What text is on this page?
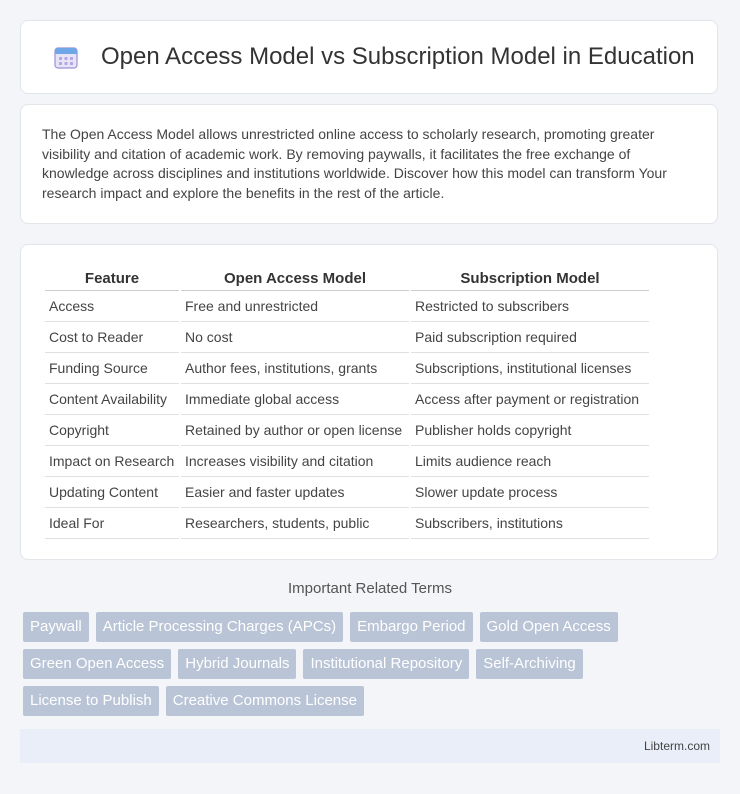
Open Access Model vs Subscription Model in Education

The Open Access Model allows unrestricted online access to scholarly research, promoting greater visibility and citation of academic work. By removing paywalls, it facilitates the free exchange of knowledge across disciplines and institutions worldwide. Discover how this model can transform Your research impact and explore the benefits in the rest of the article.

Feature	Open Access Model	Subscription Model
Access	Free and unrestricted	Restricted to subscribers
Cost to Reader	No cost	Paid subscription required
Funding Source	Author fees, institutions, grants	Subscriptions, institutional licenses
Content Availability	Immediate global access	Access after payment or registration
Copyright	Retained by author or open license	Publisher holds copyright
Impact on Research	Increases visibility and citation	Limits audience reach
Updating Content	Easier and faster updates	Slower update process
Ideal For	Researchers, students, public	Subscribers, institutions
Important Related Terms
Paywall	Article Processing Charges (APCs)	Embargo Period	Gold Open Access
Green Open Access	Hybrid Journals	Institutional Repository	Self-Archiving
License to Publish	Creative Commons License
Libterm.com
